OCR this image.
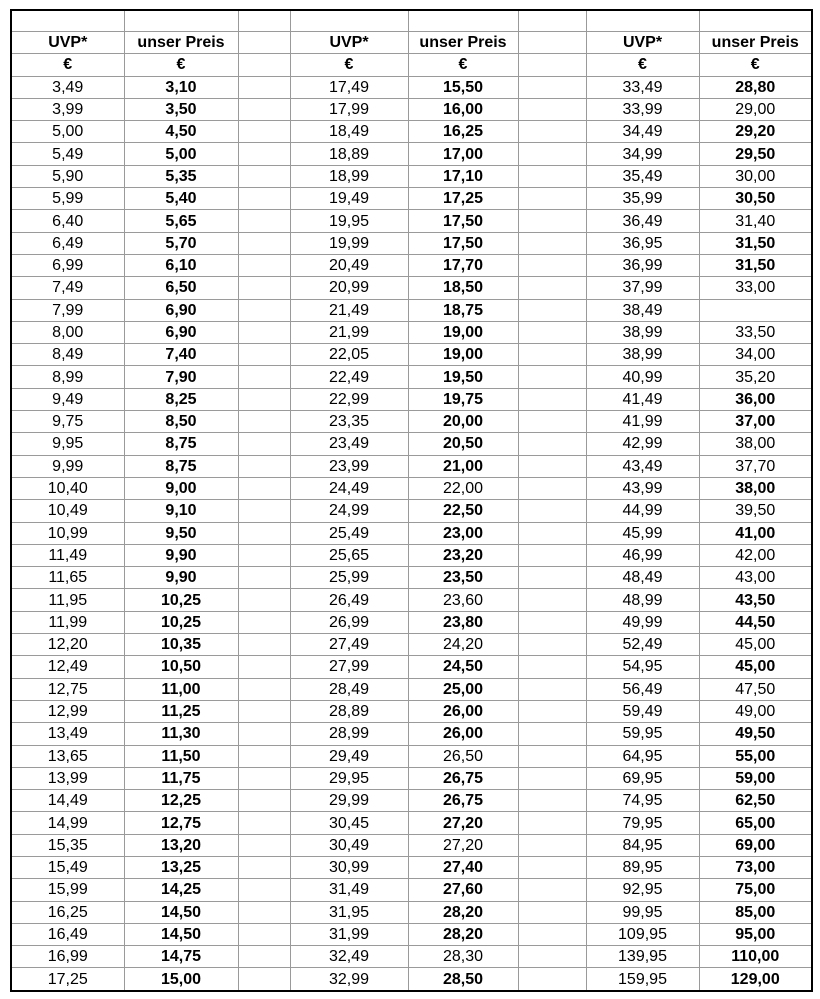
UVP*	unser Preis		UVP*	unser Preis		UVP*	unser Preis
€	€		€	€		€	€
3,49	3,10		17,49	15,50		33,49	28,80
3,99	3,50		17,99	16,00		33,99	29,00
5,00	4,50		18,49	16,25		34,49	29,20
5,49	5,00		18,89	17,00		34,99	29,50
5,90	5,35		18,99	17,10		35,49	30,00
5,99	5,40		19,49	17,25		35,99	30,50
6,40	5,65		19,95	17,50		36,49	31,40
6,49	5,70		19,99	17,50		36,95	31,50
6,99	6,10		20,49	17,70		36,99	31,50
7,49	6,50		20,99	18,50		37,99	33,00
7,99	6,90		21,49	18,75		38,49	
8,00	6,90		21,99	19,00		38,99	33,50
8,49	7,40		22,05	19,00		38,99	34,00
8,99	7,90		22,49	19,50		40,99	35,20
9,49	8,25		22,99	19,75		41,49	36,00
9,75	8,50		23,35	20,00		41,99	37,00
9,95	8,75		23,49	20,50		42,99	38,00
9,99	8,75		23,99	21,00		43,49	37,70
10,40	9,00		24,49	22,00		43,99	38,00
10,49	9,10		24,99	22,50		44,99	39,50
10,99	9,50		25,49	23,00		45,99	41,00
11,49	9,90		25,65	23,20		46,99	42,00
11,65	9,90		25,99	23,50		48,49	43,00
11,95	10,25		26,49	23,60		48,99	43,50
11,99	10,25		26,99	23,80		49,99	44,50
12,20	10,35		27,49	24,20		52,49	45,00
12,49	10,50		27,99	24,50		54,95	45,00
12,75	11,00		28,49	25,00		56,49	47,50
12,99	11,25		28,89	26,00		59,49	49,00
13,49	11,30		28,99	26,00		59,95	49,50
13,65	11,50		29,49	26,50		64,95	55,00
13,99	11,75		29,95	26,75		69,95	59,00
14,49	12,25		29,99	26,75		74,95	62,50
14,99	12,75		30,45	27,20		79,95	65,00
15,35	13,20		30,49	27,20		84,95	69,00
15,49	13,25		30,99	27,40		89,95	73,00
15,99	14,25		31,49	27,60		92,95	75,00
16,25	14,50		31,95	28,20		99,95	85,00
16,49	14,50		31,99	28,20		109,95	95,00
16,99	14,75		32,49	28,30		139,95	110,00
17,25	15,00		32,99	28,50		159,95	129,00
